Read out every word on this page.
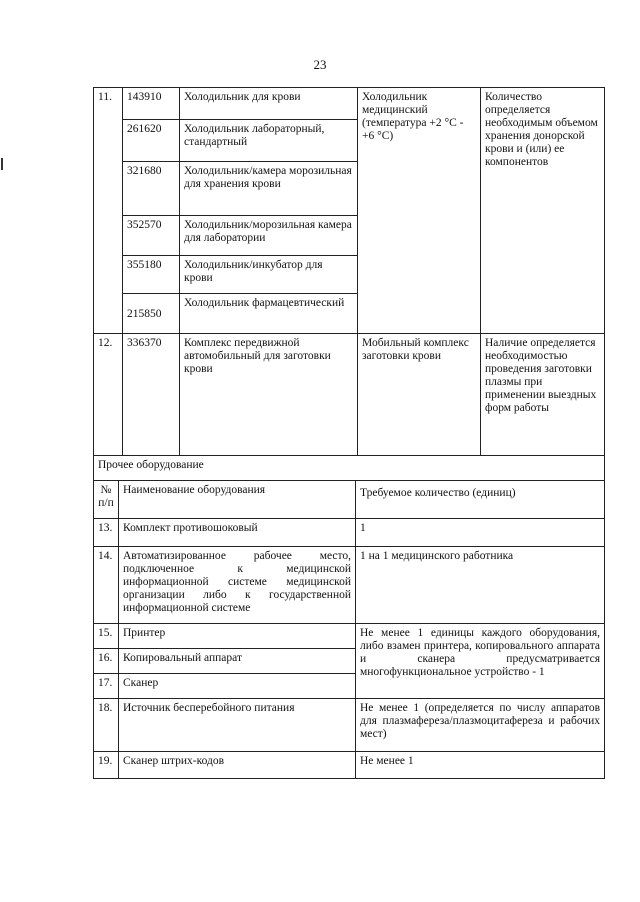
23
11.	143910	Холодильник для крови	Холодильник медицинский (температура +2 °С - +6 °С)	Количество определяется необходимым объемом хранения донорской крови и (или) ее компонентов
	261620	Холодильник лабораторный, стандартный		
	321680	Холодильник/камера морозильная для хранения крови		
	352570	Холодильник/морозильная камера для лаборатории		
	355180	Холодильник/инкубатор для крови		
	215850	Холодильник фармацевтический		
12.	336370	Комплекс передвижной автомобильный для заготовки крови	Мобильный комплекс заготовки крови	Наличие определяется необходимостью проведения заготовки плазмы при применении выездных форм работы
Прочее оборудование		
№ п/п	Наименование оборудования	Требуемое количество (единиц)
13.	Комплект противошоковый	1
14.	Автоматизированное рабочее место, подключенное к медицинской информационной системе медицинской организации либо к государственной информационной системе	1 на 1 медицинского работника
15.	Принтер	Не менее 1 единицы каждого оборудования, либо взамен принтера, копировального аппарата и сканера предусматривается многофункциональное устройство - 1
16.	Копировальный аппарат	
17.	Сканер	
18.	Источник бесперебойного питания	Не менее 1 (определяется по числу аппаратов для плазмафереза/плазмоцитафереза и рабочих мест)
19.	Сканер штрих-кодов	Не менее 1
